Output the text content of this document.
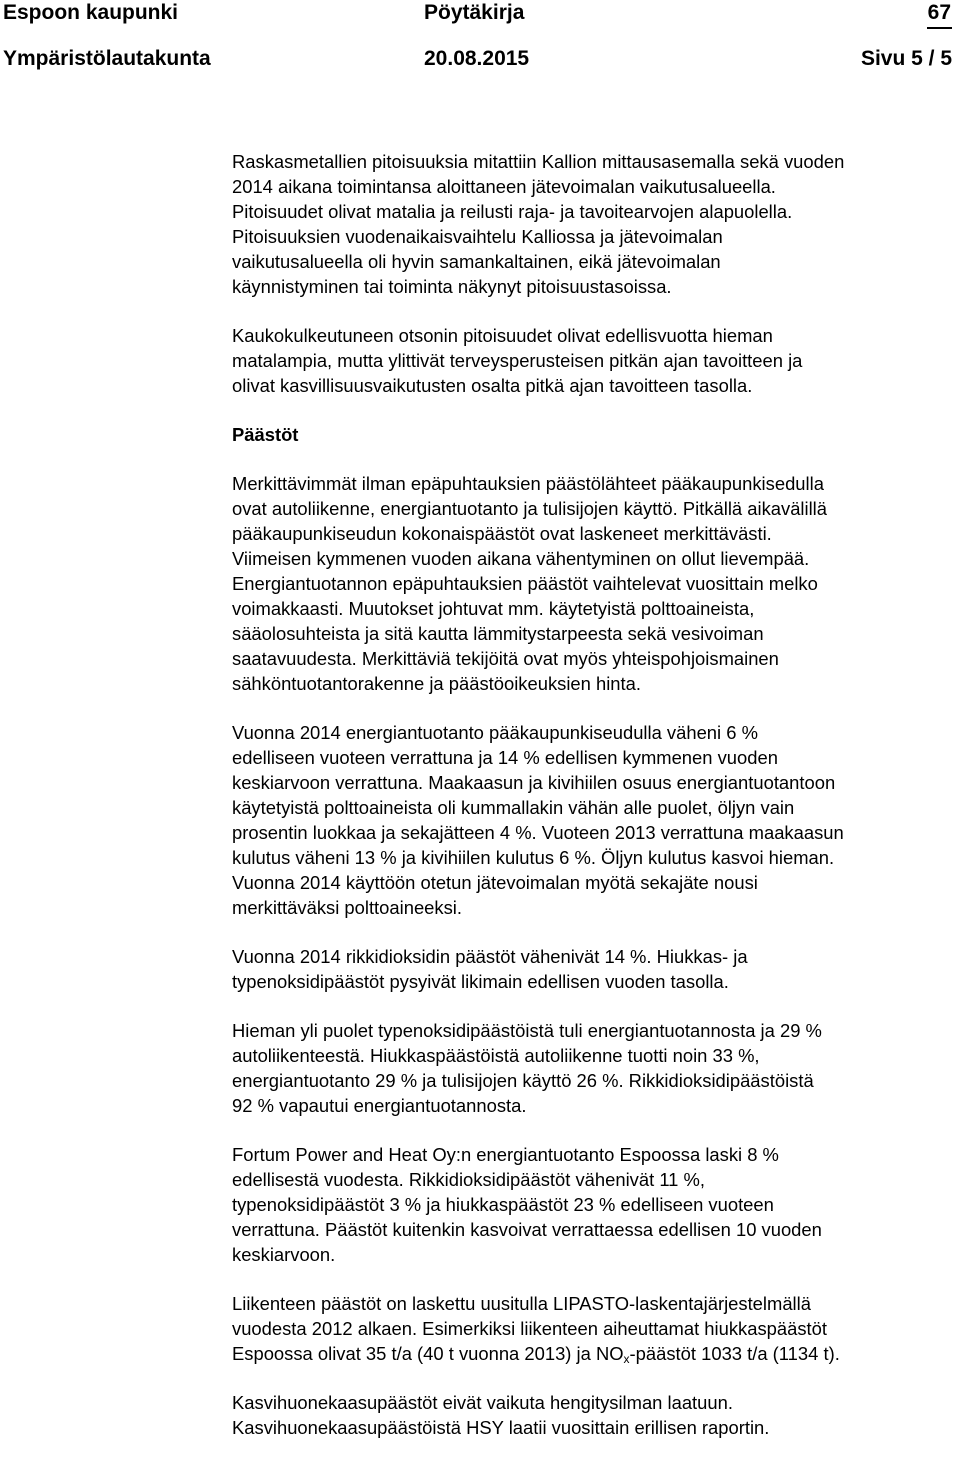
Espoon kaupunki	Pöytäkirja	67
Ympäristölautakunta	20.08.2015	Sivu 5 / 5

Raskasmetallien pitoisuuksia mitattiin Kallion mittausasemalla sekä vuoden
2014 aikana toimintansa aloittaneen jätevoimalan vaikutusalueella.
Pitoisuudet olivat matalia ja reilusti raja- ja tavoitearvojen alapuolella.
Pitoisuuksien vuodenaikaisvaihtelu Kalliossa ja jätevoimalan
vaikutusalueella oli hyvin samankaltainen, eikä jätevoimalan
käynnistyminen tai toiminta näkynyt pitoisuustasoissa.

Kaukokulkeutuneen otsonin pitoisuudet olivat edellisvuotta hieman
matalampia, mutta ylittivät terveysperusteisen pitkän ajan tavoitteen ja
olivat kasvillisuusvaikutusten osalta pitkä ajan tavoitteen tasolla.

Päästöt

Merkittävimmät ilman epäpuhtauksien päästölähteet pääkaupunkisedulla
ovat autoliikenne, energiantuotanto ja tulisijojen käyttö. Pitkällä aikavälillä
pääkaupunkiseudun kokonaispäästöt ovat laskeneet merkittävästi.
Viimeisen kymmenen vuoden aikana vähentyminen on ollut lievempää.
Energiantuotannon epäpuhtauksien päästöt vaihtelevat vuosittain melko
voimakkaasti. Muutokset johtuvat mm. käytetyistä polttoaineista,
sääolosuhteista ja sitä kautta lämmitystarpeesta sekä vesivoiman
saatavuudesta. Merkittäviä tekijöitä ovat myös yhteispohjoismainen
sähköntuotantorakenne ja päästöoikeuksien hinta.

Vuonna 2014 energiantuotanto pääkaupunkiseudulla väheni 6 %
edelliseen vuoteen verrattuna ja 14 % edellisen kymmenen vuoden
keskiarvoon verrattuna. Maakaasun ja kivihiilen osuus energiantuotantoon
käytetyistä polttoaineista oli kummallakin vähän alle puolet, öljyn vain
prosentin luokkaa ja sekajätteen 4 %. Vuoteen 2013 verrattuna maakaasun
kulutus väheni 13 % ja kivihiilen kulutus 6 %. Öljyn kulutus kasvoi hieman.
Vuonna 2014 käyttöön otetun jätevoimalan myötä sekajäte nousi
merkittäväksi polttoaineeksi.

Vuonna 2014 rikkidioksidin päästöt vähenivät 14 %. Hiukkas- ja
typenoksidipäästöt pysyivät likimain edellisen vuoden tasolla.

Hieman yli puolet typenoksidipäästöistä tuli energiantuotannosta ja 29 %
autoliikenteestä. Hiukkaspäästöistä autoliikenne tuotti noin 33 %,
energiantuotanto 29 % ja tulisijojen käyttö 26 %. Rikkidioksidipäästöistä
92 % vapautui energiantuotannosta.

Fortum Power and Heat Oy:n energiantuotanto Espoossa laski 8 %
edellisestä vuodesta. Rikkidioksidipäästöt vähenivät 11 %,
typenoksidipäästöt 3 % ja hiukkaspäästöt 23 % edelliseen vuoteen
verrattuna. Päästöt kuitenkin kasvoivat verrattaessa edellisen 10 vuoden
keskiarvoon.

Liikenteen päästöt on laskettu uusitulla LIPASTO-laskentajärjestelmällä
vuodesta 2012 alkaen. Esimerkiksi liikenteen aiheuttamat hiukkaspäästöt
Espoossa olivat 35 t/a (40 t vuonna 2013) ja $NO_x$-päästöt 1033 t/a (1134 t).

Kasvihuonekaasupäästöt eivät vaikuta hengitysilman laatuun.
Kasvihuonekaasupäästöistä HSY laatii vuosittain erillisen raportin.
